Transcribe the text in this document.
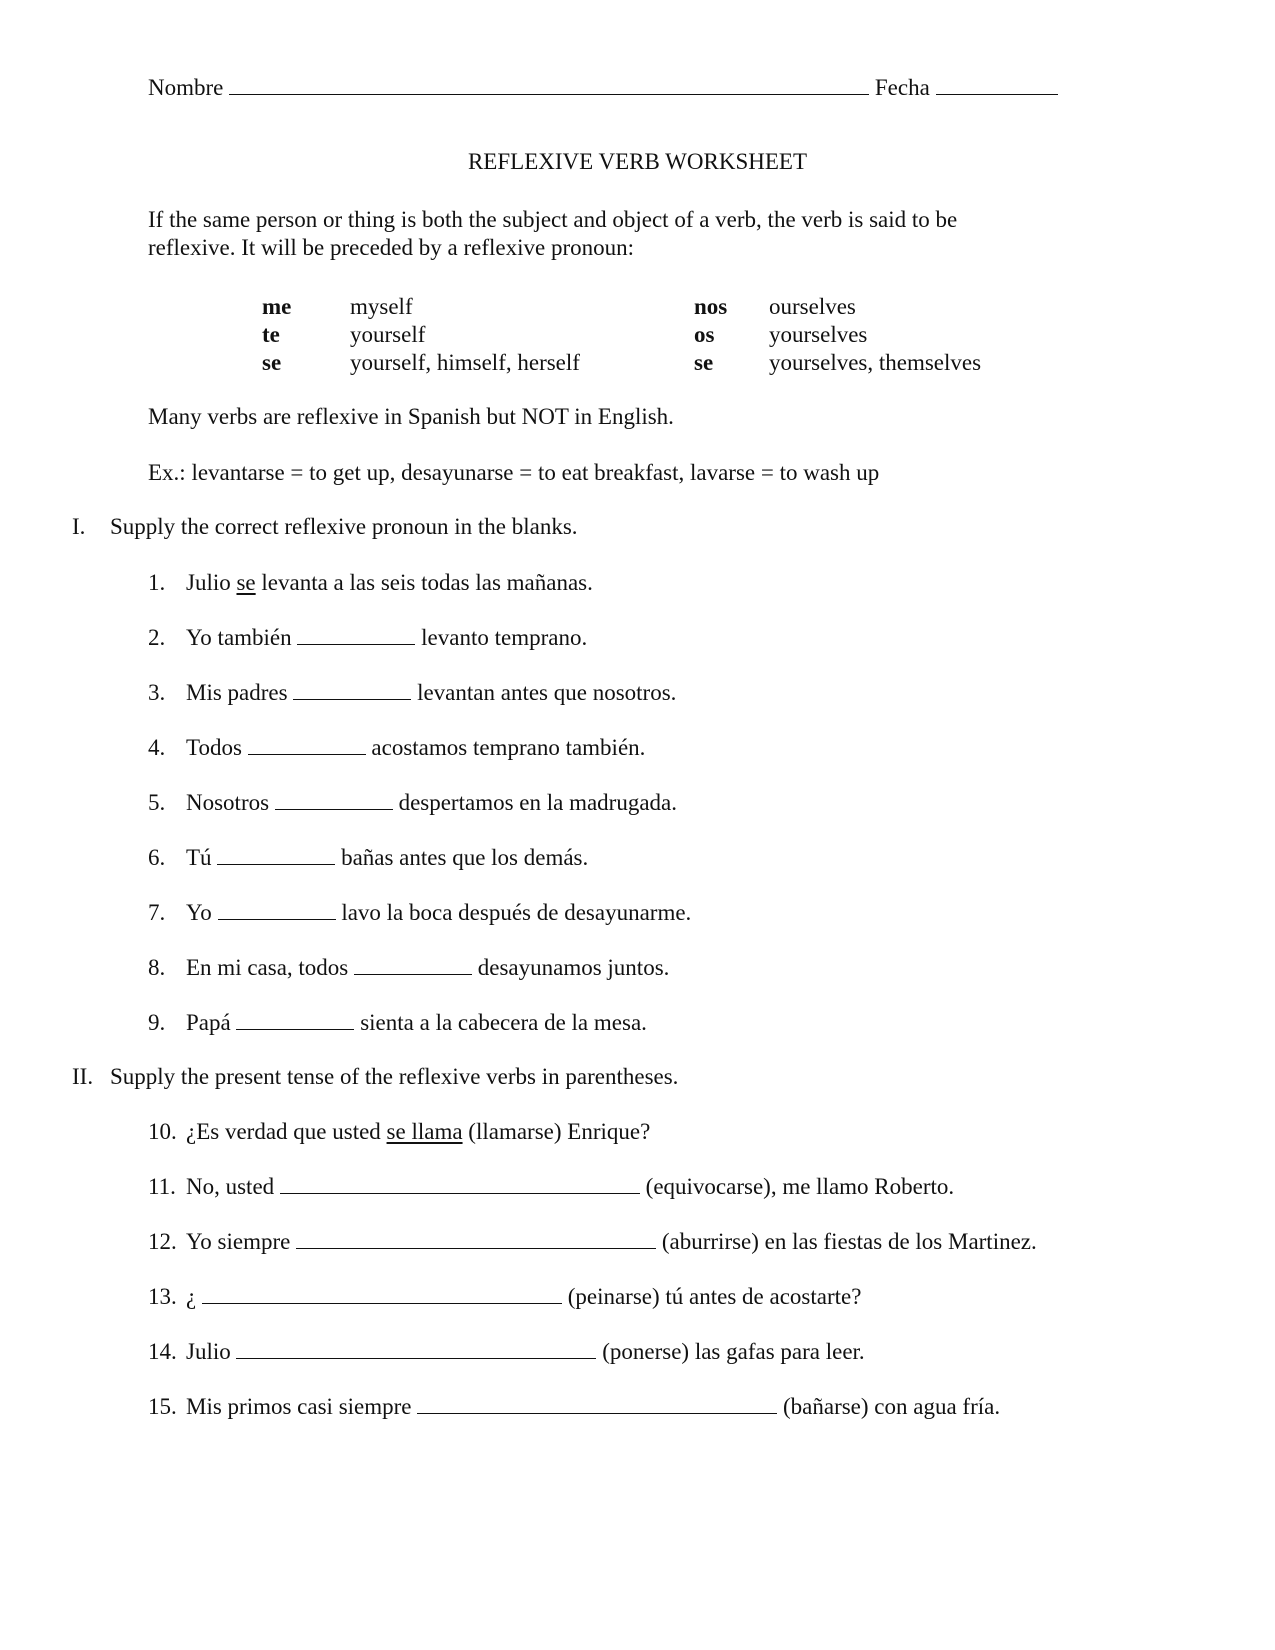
Nombre	Fecha
REFLEXIVE VERB WORKSHEET
If the same person or thing is both the subject and object of a verb, the verb is said to be
reflexive. It will be preceded by a reflexive pronoun:
me	myself	nos	ourselves
te	yourself	os	yourselves
se	yourself, himself, herself	se	yourselves, themselves
Many verbs are reflexive in Spanish but NOT in English.
Ex.: levantarse = to get up, desayunarse = to eat breakfast, lavarse = to wash up
I. Supply the correct reflexive pronoun in the blanks.
1. Julio se levanta a las seis todas las mañanas.
2. Yo también	levanto temprano.
3. Mis padres	levantan antes que nosotros.
4. Todos	acostamos temprano también.
5. Nosotros	despertamos en la madrugada.
6. Tú	bañas antes que los demás.
7. Yo	lavo la boca después de desayunarme.
8. En mi casa, todos	desayunamos juntos.
9. Papá	sienta a la cabecera de la mesa.
II. Supply the present tense of the reflexive verbs in parentheses.
10. ¿Es verdad que usted se llama (llamarse) Enrique?
11. No, usted	(equivocarse), me llamo Roberto.
12. Yo siempre	(aburrirse) en las fiestas de los Martinez.
13. ¿	(peinarse) tú antes de acostarte?
14. Julio	(ponerse) las gafas para leer.
15. Mis primos casi siempre	(bañarse) con agua fría.
